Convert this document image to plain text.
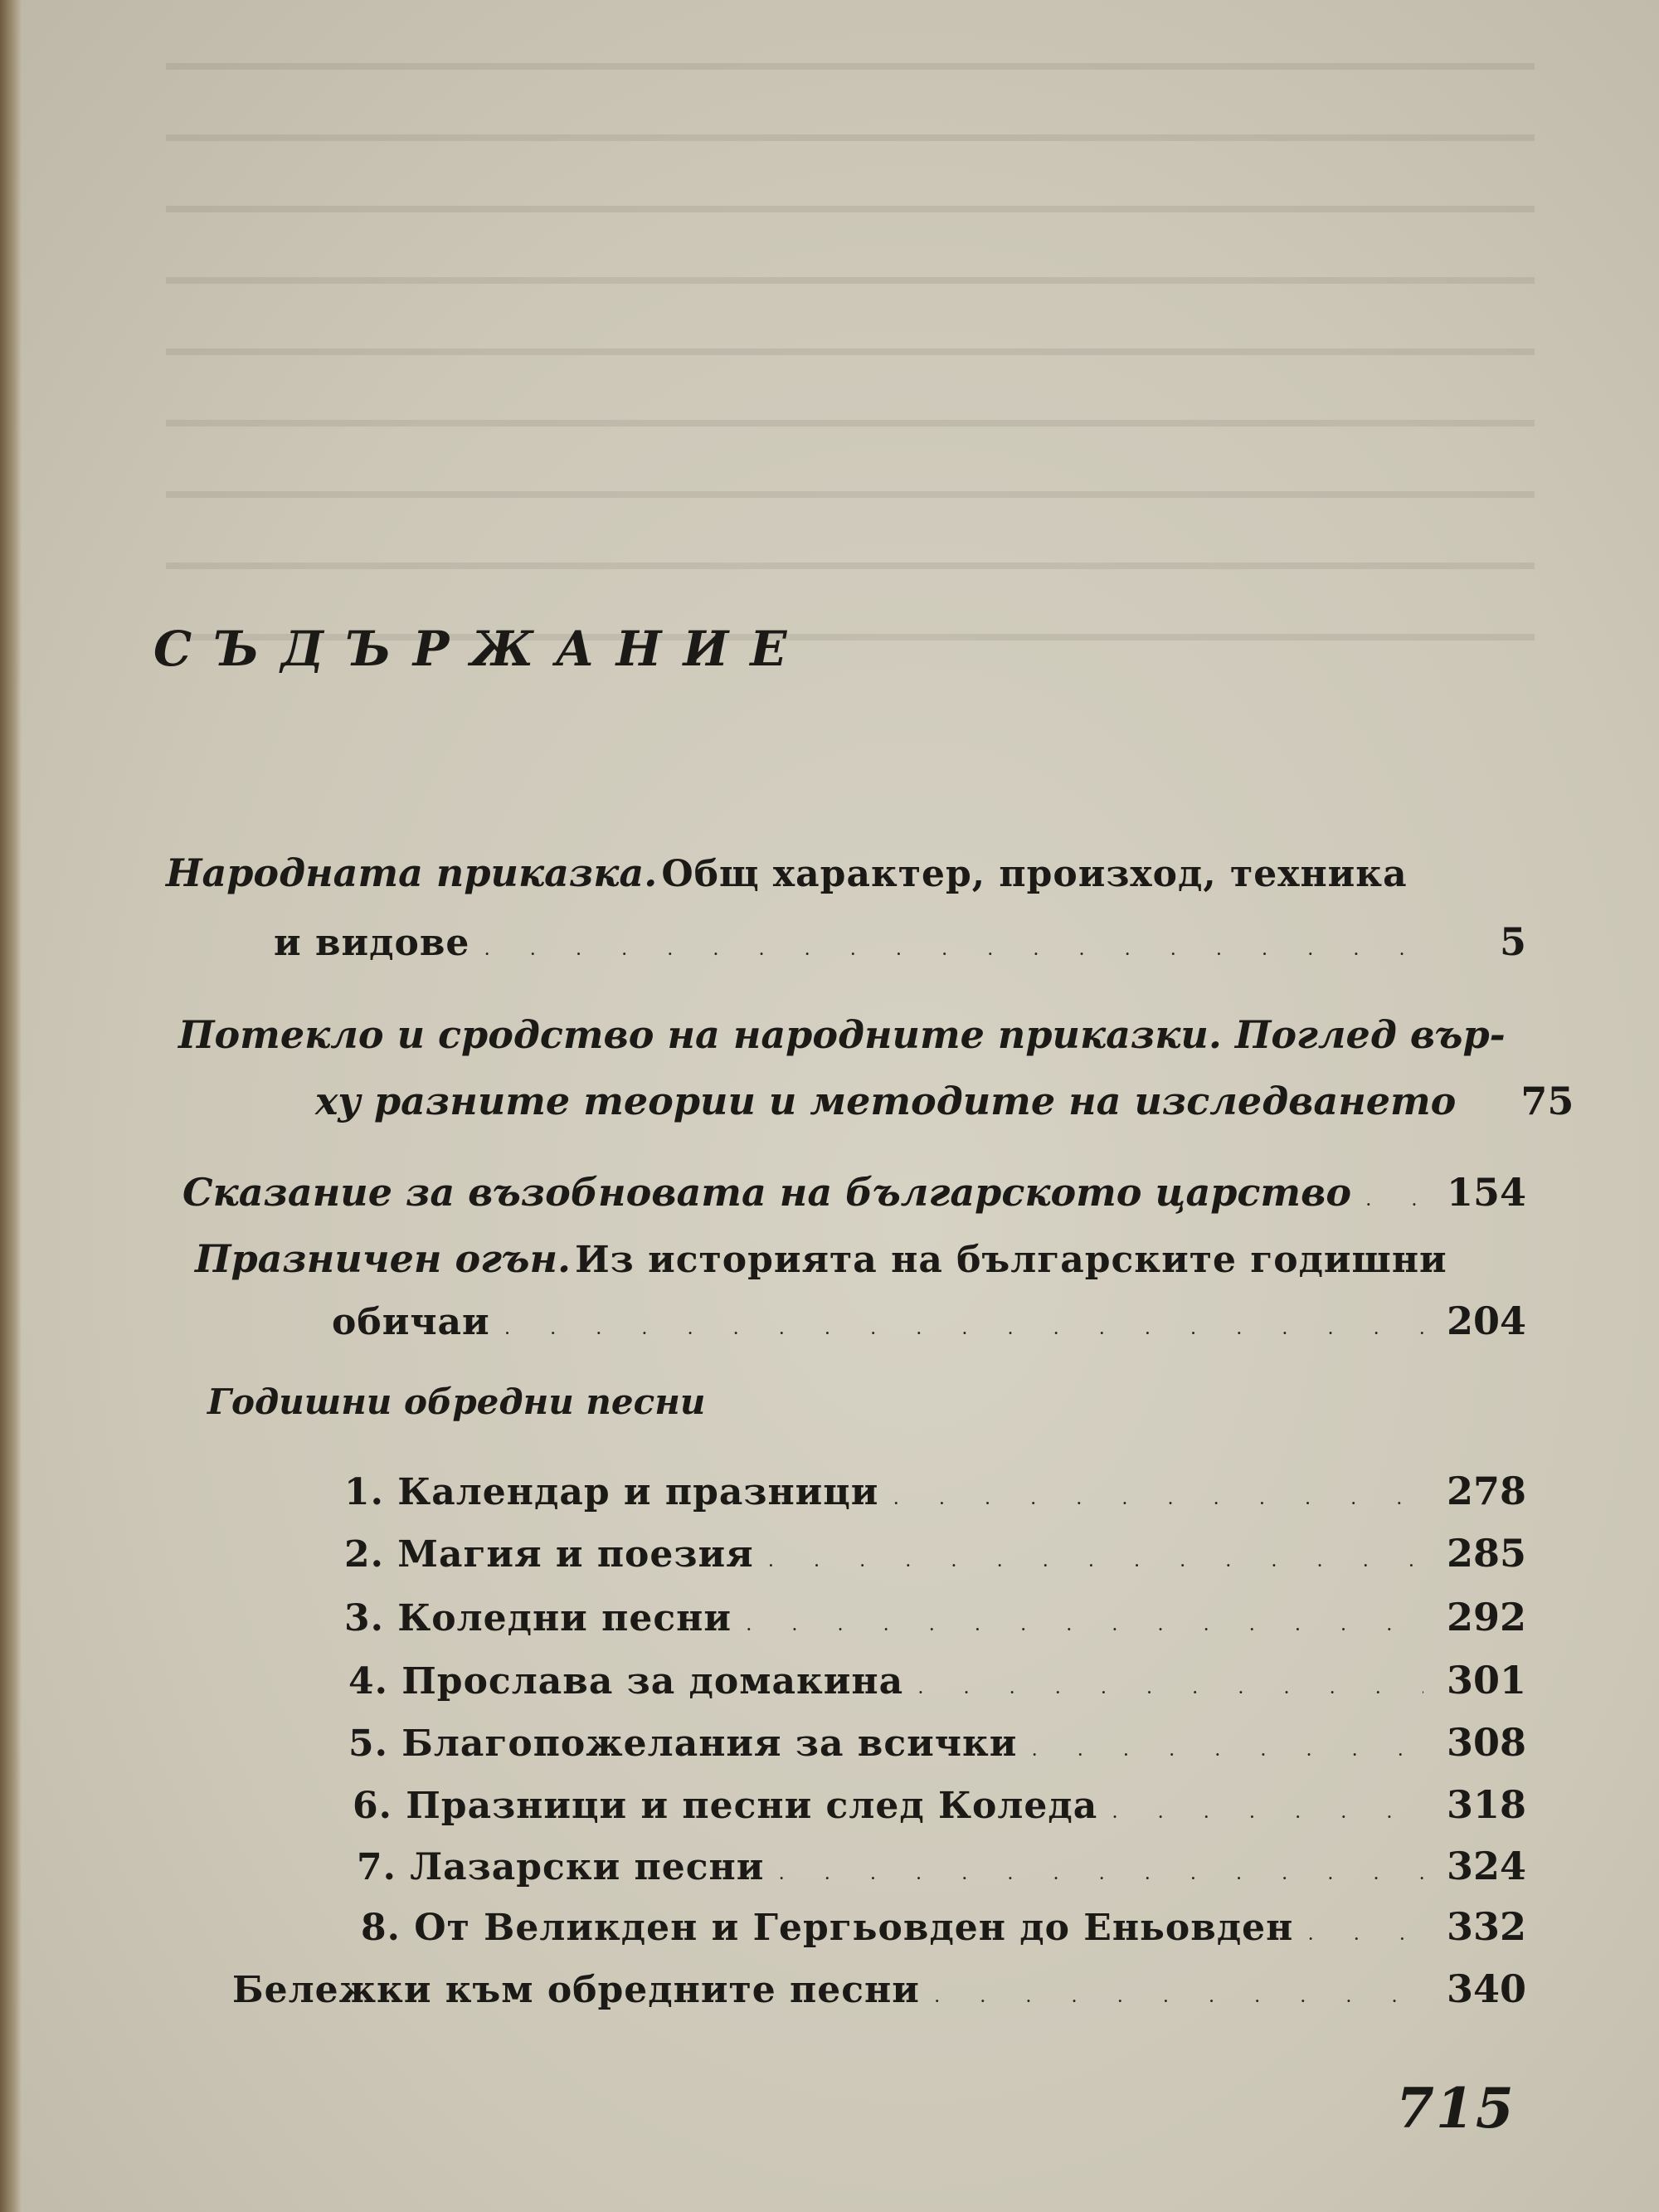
СЪДЪРЖАНИЕ
Народната приказка. Общ характер, произход, техника
и видове . . .	5
Потекло и сродство на народните приказки. Поглед вър-
ху разните теории и методите на изследването . . .	75
Сказание за възобновата на българското царство . . .	154
Празничен огън. Из историята на българските годишни
обичаи . . .	204
Годишни обредни песни
1. Календар и празници . . .	278
2. Магия и поезия . . .	285
3. Коледни песни . . .	292
4. Прослава за домакина . . .	301
5. Благопожелания за всички . . .	308
6. Празници и песни след Коледа . . .	318
7. Лазарски песни . . .	324
8. От Великден и Гергьовден до Еньовден . . .	332
Бележки към обредните песни . . .	340
715
